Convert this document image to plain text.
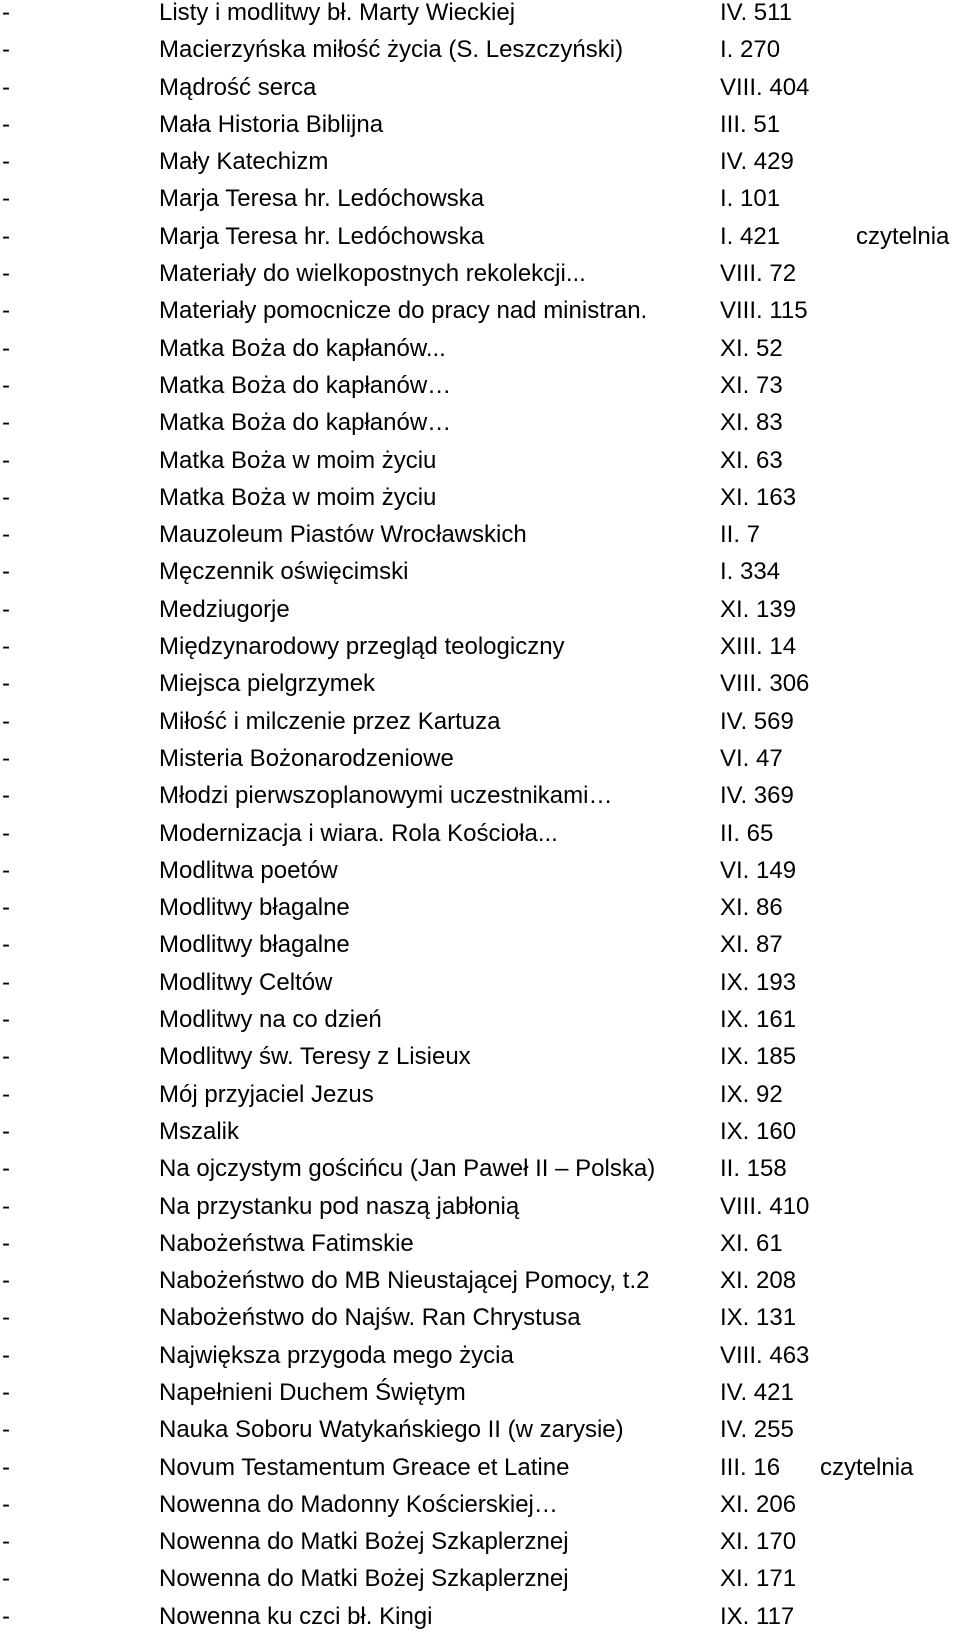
-	Listy i modlitwy bł. Marty Wieckiej	IV. 511
-	Macierzyńska miłość życia (S. Leszczyński)	I. 270
-	Mądrość serca	VIII. 404
-	Mała Historia Biblijna	III. 51
-	Mały Katechizm	IV. 429
-	Marja Teresa hr. Ledóchowska	I. 101
-	Marja Teresa hr. Ledóchowska	I. 421	czytelnia
-	Materiały do wielkopostnych rekolekcji...	VIII. 72
-	Materiały pomocnicze do pracy nad ministran.	VIII. 115
-	Matka Boża do kapłanów...	XI. 52
-	Matka Boża do kapłanów…	XI. 73
-	Matka Boża do kapłanów…	XI. 83
-	Matka Boża w moim życiu	XI. 63
-	Matka Boża w moim życiu	XI. 163
-	Mauzoleum Piastów Wrocławskich	II. 7
-	Męczennik oświęcimski	I. 334
-	Medziugorje	XI. 139
-	Międzynarodowy przegląd teologiczny	XIII. 14
-	Miejsca pielgrzymek	VIII. 306
-	Miłość i milczenie przez Kartuza	IV. 569
-	Misteria Bożonarodzeniowe	VI. 47
-	Młodzi pierwszoplanowymi uczestnikami…	IV. 369
-	Modernizacja i wiara. Rola Kościoła...	II. 65
-	Modlitwa poetów	VI. 149
-	Modlitwy błagalne	XI. 86
-	Modlitwy błagalne	XI. 87
-	Modlitwy Celtów	IX. 193
-	Modlitwy na co dzień	IX. 161
-	Modlitwy św. Teresy z Lisieux	IX. 185
-	Mój przyjaciel Jezus	IX. 92
-	Mszalik	IX. 160
-	Na ojczystym gościńcu (Jan Paweł II – Polska)	II. 158
-	Na przystanku pod naszą jabłonią	VIII. 410
-	Nabożeństwa Fatimskie	XI. 61
-	Nabożeństwo do MB Nieustającej Pomocy, t.2	XI. 208
-	Nabożeństwo do Najśw. Ran Chrystusa	IX. 131
-	Największa przygoda mego życia	VIII. 463
-	Napełnieni Duchem Świętym	IV. 421
-	Nauka Soboru Watykańskiego II (w zarysie)	IV. 255
-	Novum Testamentum Greace et Latine	III. 16 czytelnia
-	Nowenna do Madonny Kościerskiej…	XI. 206
-	Nowenna do Matki Bożej Szkaplerznej	XI. 170
-	Nowenna do Matki Bożej Szkaplerznej	XI. 171
-	Nowenna ku czci bł. Kingi	IX. 117
